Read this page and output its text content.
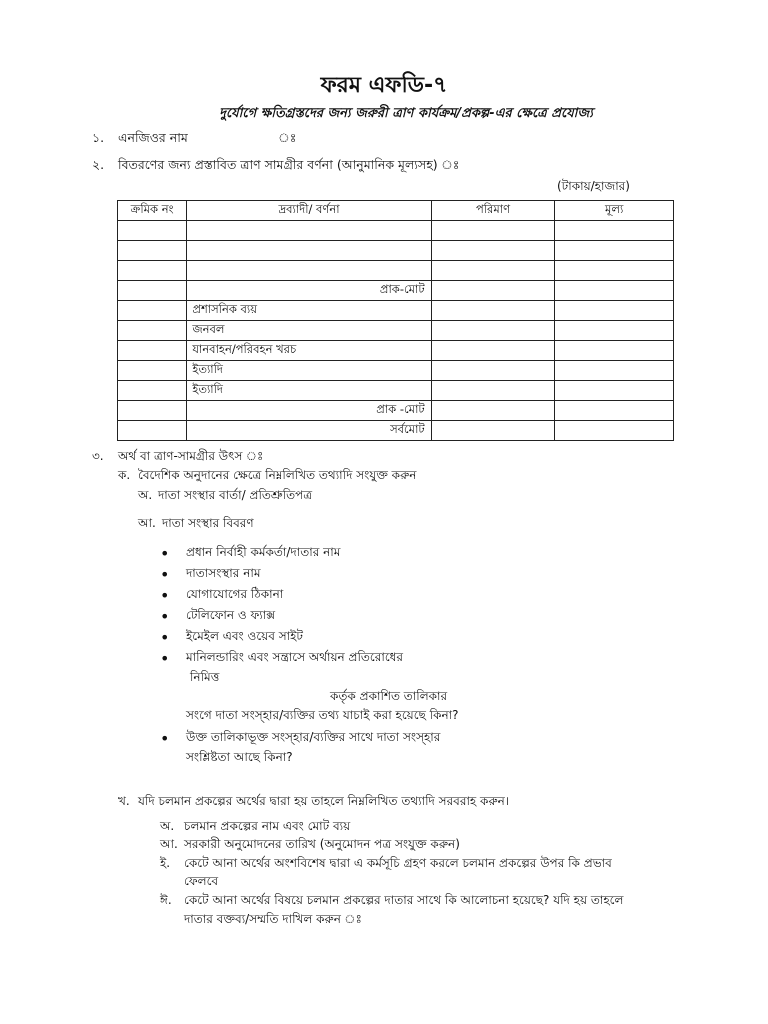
ফরম এফডি-৭
দুর্যোগে ক্ষতিগ্রস্তদের জন্য জরুরী ত্রাণ কার্যক্রম/প্রকল্প-এর ক্ষেত্রে প্রযোজ্য
১. এনজিওর নাম	ঃ
২. বিতরণের জন্য প্রস্তাবিত ত্রাণ সামগ্রীর বর্ণনা (আনুমানিক মূল্যসহ) ঃ
(টাকায়/হাজার)
ক্রমিক নং	দ্রব্যাদী/ বর্ণনা	পরিমাণ	মূল্য

	প্রাক-মোট		
	প্রশাসনিক ব্যয়		
	জনবল		
	যানবাহন/পরিবহন খরচ		
	ইত্যাদি		
	ইত্যাদি		
	প্রাক -মোট		
	সর্বমোট		
৩. অর্থ বা ত্রাণ-সামগ্রীর উৎস ঃ
ক. বৈদেশিক অনুদানের ক্ষেত্রে নিম্নলিখিত তথ্যাদি সংযুক্ত করুন
অ. দাতা সংস্থার বার্তা/ প্রতিশ্রুতিপত্র
আ. দাতা সংস্থার বিবরণ
• প্রধান নির্বাহী কর্মকর্তা/দাতার নাম
• দাতাসংস্থার নাম
• যোগাযোগের ঠিকানা
• টেলিফোন ও ফ্যাক্স
• ইমেইল এবং ওয়েব সাইট
• মানিলন্ডারিং এবং সন্ত্রাসে অর্থায়ন প্রতিরোধের
নিমিত্ত
কর্তৃক প্রকাশিত তালিকার
সংগে দাতা সংস্হার/ব্যক্তির তথ্য যাচাই করা হয়েছে কিনা?
• উক্ত তালিকাভূক্ত সংস্হার/ব্যক্তির সাথে দাতা সংস্হার
সংশ্লিষ্টতা আছে কিনা?
খ. যদি চলমান প্রকল্পের অর্থের দ্বারা হয় তাহলে নিম্নলিখিত তথ্যাদি সরবরাহ করুন।
অ. চলমান প্রকল্পের নাম এবং মোট ব্যয়
আ. সরকারী অনুমোদনের তারিখ (অনুমোদন পত্র সংযুক্ত করুন)
ই. কেটে আনা অর্থের অংশবিশেষ দ্বারা এ কর্মসূচি গ্রহণ করলে চলমান প্রকল্পের উপর কি প্রভাব
ফেলবে
ঈ. কেটে আনা অর্থের বিষয়ে চলমান প্রকল্পের দাতার সাথে কি আলোচনা হয়েছে? যদি হয় তাহলে
দাতার বক্তব্য/সম্মতি দাখিল করুন ঃ
